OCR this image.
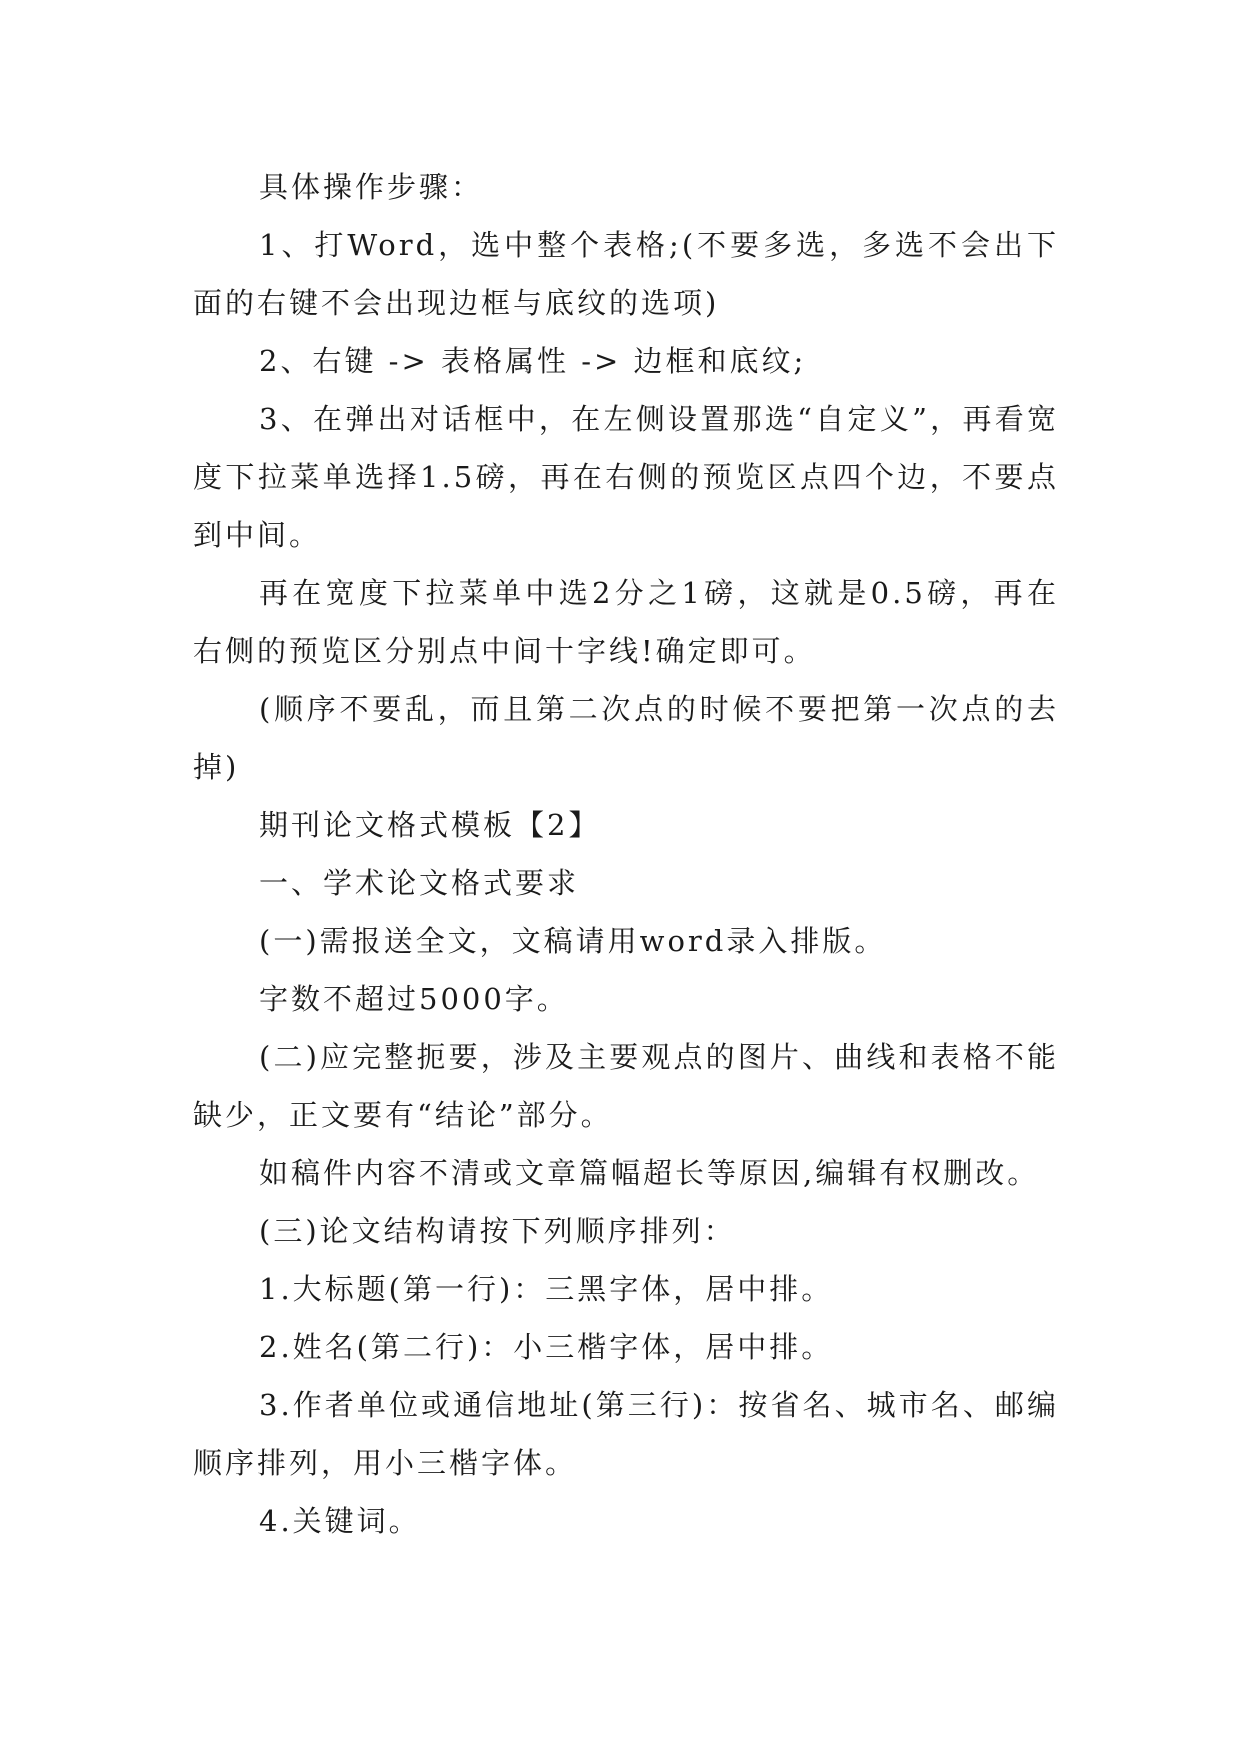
具体操作步骤：

1、打Word，选中整个表格;(不要多选，多选不会出下面的右键不会出现边框与底纹的选项)

2、右键 -> 表格属性 -> 边框和底纹;

3、在弹出对话框中，在左侧设置那选“自定义”，再看宽度下拉菜单选择1.5磅，再在右侧的预览区点四个边，不要点到中间。

再在宽度下拉菜单中选2分之1磅，这就是0.5磅，再在右侧的预览区分别点中间十字线!确定即可。

(顺序不要乱，而且第二次点的时候不要把第一次点的去掉)

期刊论文格式模板【2】

一、学术论文格式要求

(一)需报送全文，文稿请用word录入排版。

字数不超过5000字。

(二)应完整扼要，涉及主要观点的图片、曲线和表格不能缺少，正文要有“结论”部分。

如稿件内容不清或文章篇幅超长等原因,编辑有权删改。

(三)论文结构请按下列顺序排列：

1.大标题(第一行)：三黑字体，居中排。

2.姓名(第二行)：小三楷字体，居中排。

3.作者单位或通信地址(第三行)：按省名、城市名、邮编顺序排列，用小三楷字体。

4.关键词。
